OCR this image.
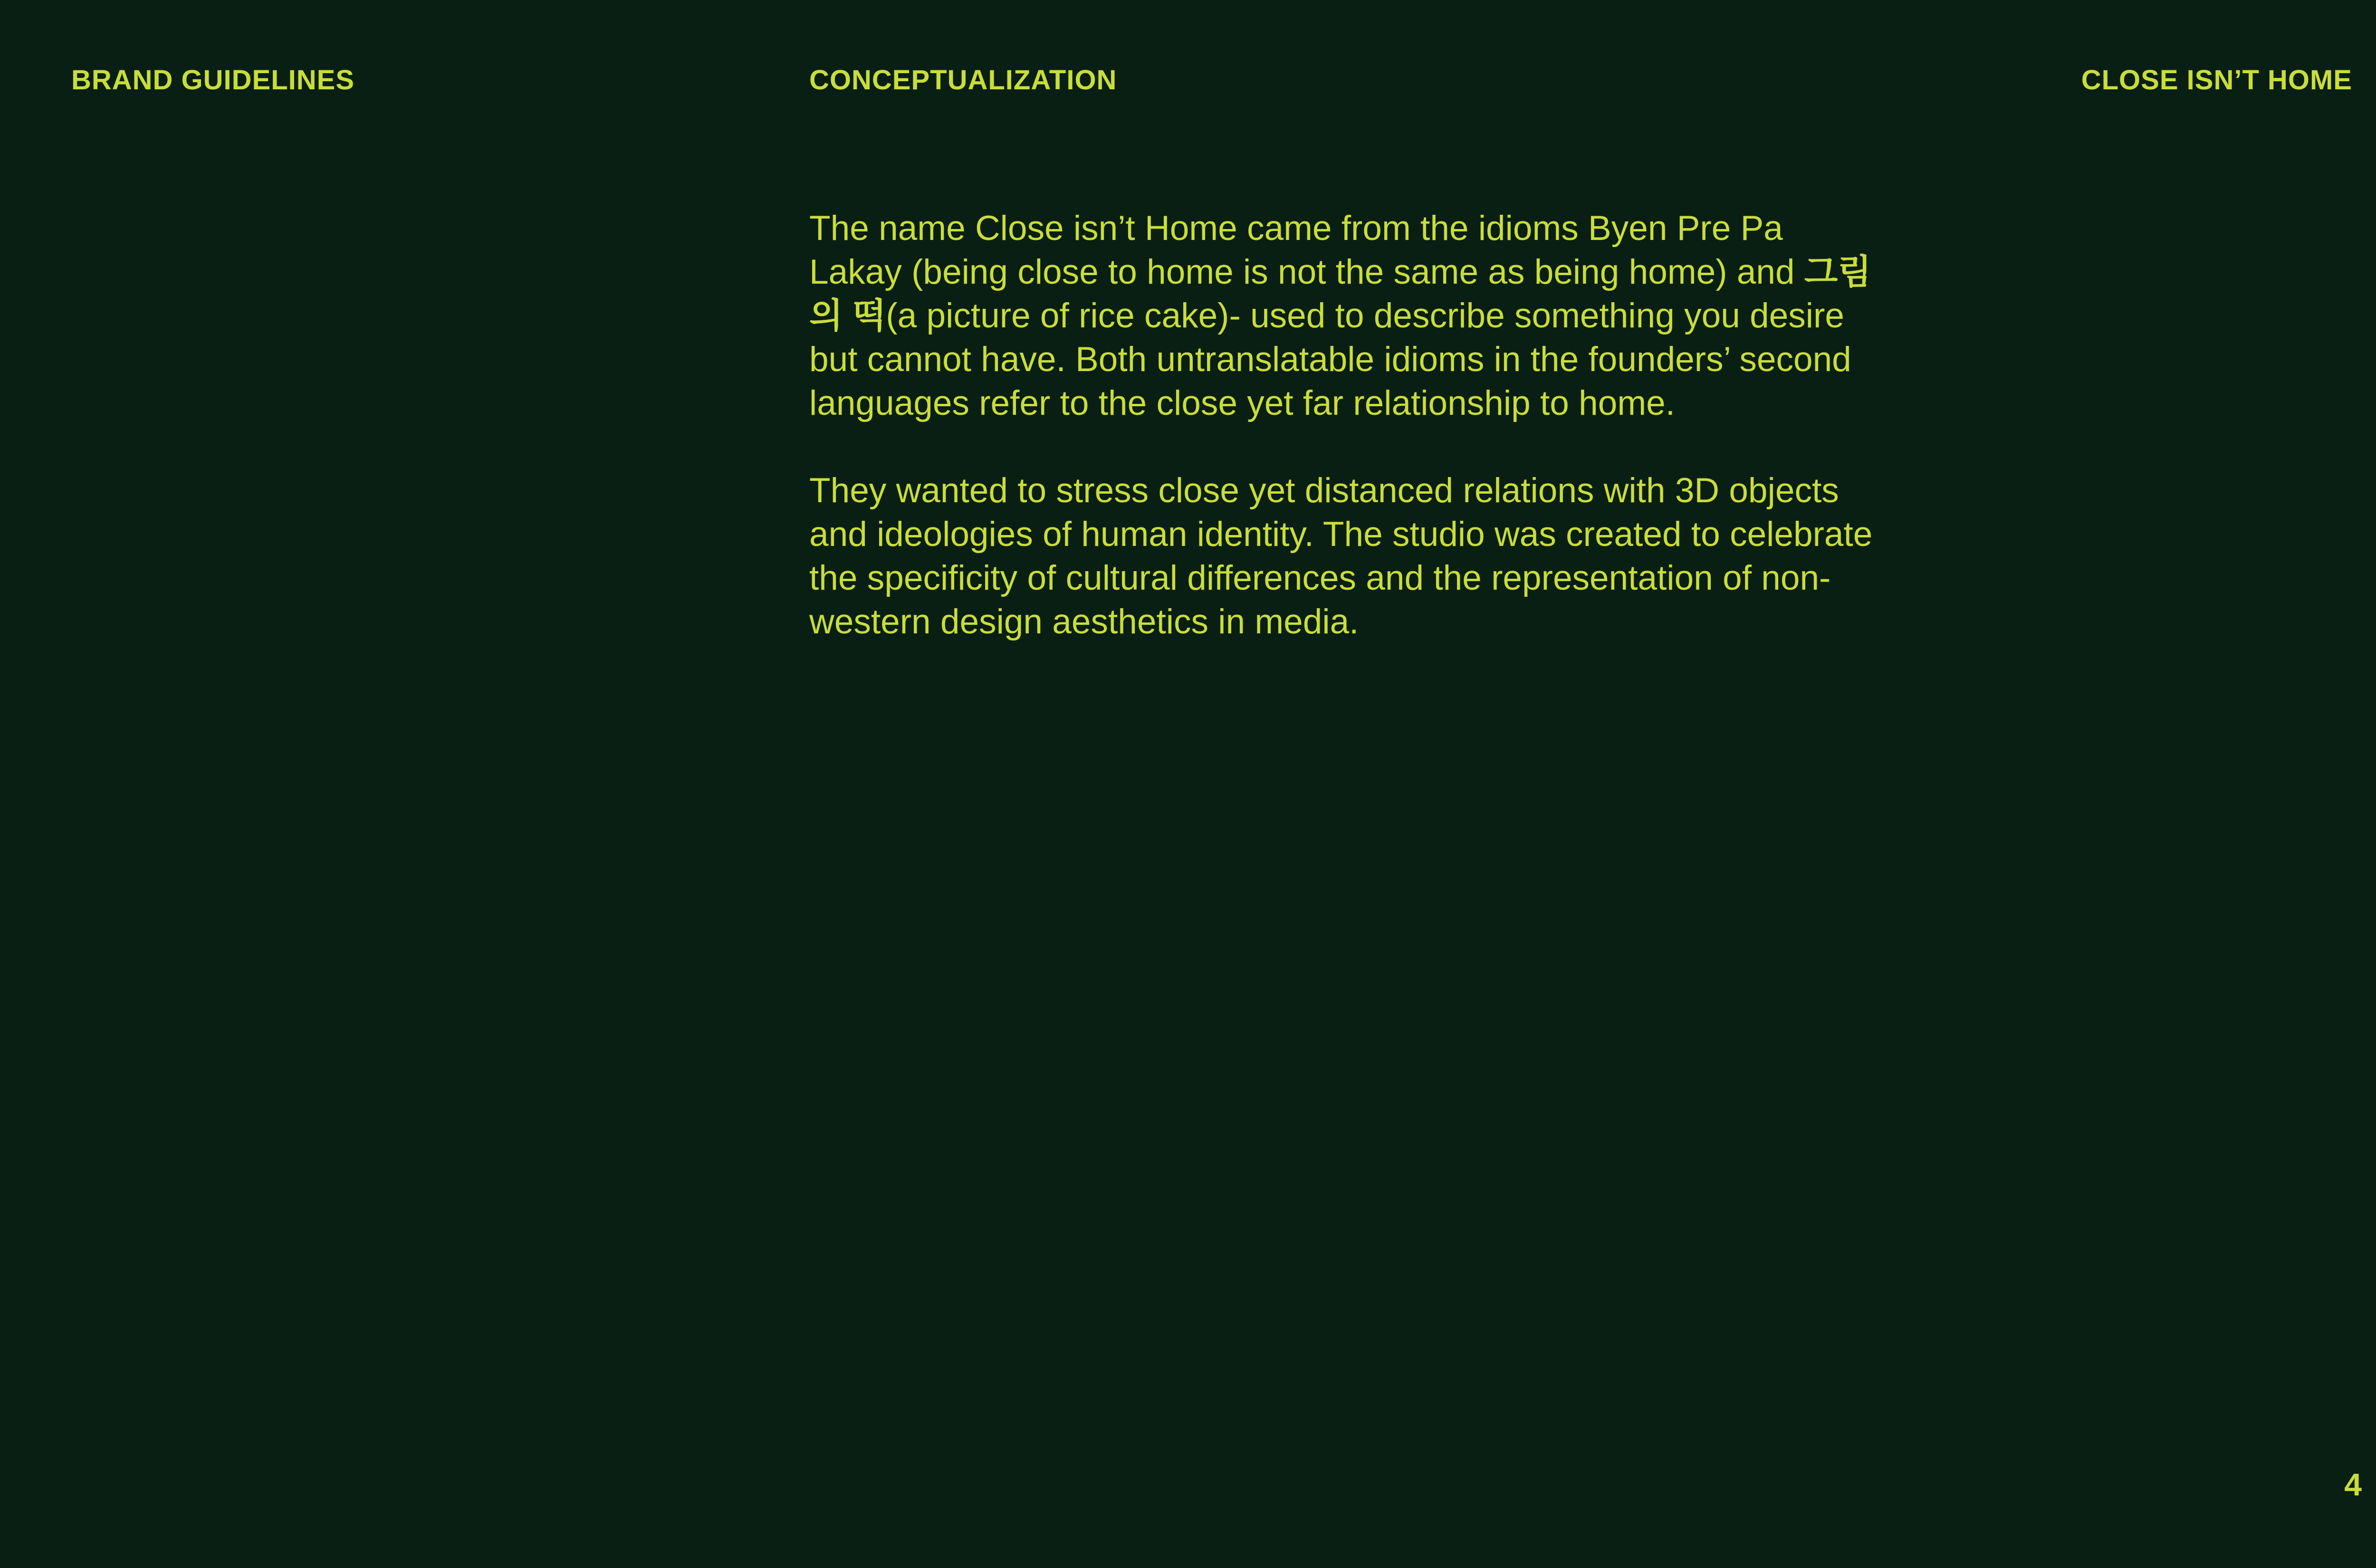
BRAND GUIDELINES	CONCEPTUALIZATION	CLOSE ISN’T HOME

The name Close isn’t Home came from the idioms Byen Pre Pa Lakay (being close to home is not the same as being home) and 그림의 떡(a picture of rice cake)- used to describe something you desire but cannot have. Both untranslatable idioms in the founders’ second languages refer to the close yet far relationship to home.

They wanted to stress close yet distanced relations with 3D objects and ideologies of human identity. The studio was created to celebrate the specificity of cultural differences and the representation of non-western design aesthetics in media.

4
